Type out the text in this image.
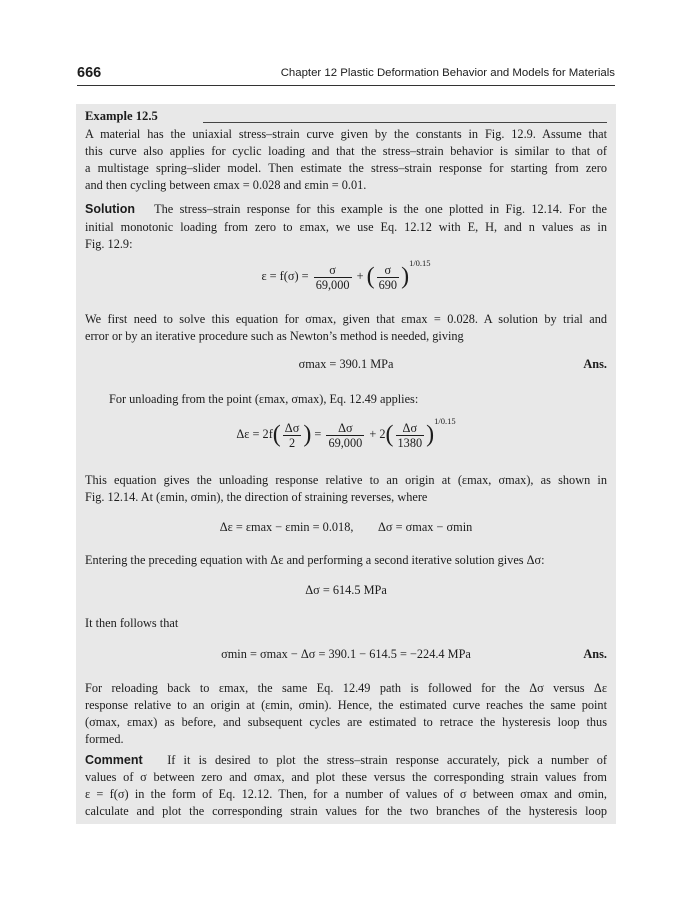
666	Chapter 12 Plastic Deformation Behavior and Models for Materials
Example 12.5
A material has the uniaxial stress–strain curve given by the constants in Fig. 12.9. Assume that
this curve also applies for cyclic loading and that the stress–strain behavior is similar to that of
a multistage spring–slider model. Then estimate the stress–strain response for starting from zero
and then cycling between εmax = 0.028 and εmin = 0.01.
Solution The stress–strain response for this example is the one plotted in Fig. 12.14. For the
initial monotonic loading from zero to εmax, we use Eq. 12.12 with E, H, and n values as in
Fig. 12.9:
$\varepsilon = f(\sigma) = \frac{\sigma}{69,000}$ + ( $\frac{\sigma}{690} )^{1/0.15}$
We first need to solve this equation for σmax, given that εmax = 0.028. A solution by trial and
error or by an iterative procedure such as Newton’s method is needed, giving
σmax = 390.1 MPa	Ans.
For unloading from the point (εmax, σmax), Eq. 12.49 applies:
$\Delta\varepsilon = 2f( \frac{\Delta\sigma}{2}$ ) = $\frac{\Delta\sigma}{69,000} + 2( \frac{\Delta\sigma}{1380} )^{1/0.15}$
This equation gives the unloading response relative to an origin at (εmax, σmax), as shown in
Fig. 12.14. At (εmin, σmin), the direction of straining reverses, where
Δε = εmax − εmin = 0.018,        Δσ = σmax − σmin
Entering the preceding equation with Δε and performing a second iterative solution gives Δσ:
Δσ = 614.5 MPa
It then follows that
σmin = σmax − Δσ = 390.1 − 614.5 = −224.4 MPa	Ans.
For reloading back to εmax, the same Eq. 12.49 path is followed for the Δσ versus Δε
response relative to an origin at (εmin, σmin). Hence, the estimated curve reaches the same point
(σmax, εmax) as before, and subsequent cycles are estimated to retrace the hysteresis loop thus
formed.
Comment If it is desired to plot the stress–strain response accurately, pick a number of
values of σ between zero and σmax, and plot these versus the corresponding strain values from
ε = f(σ) in the form of Eq. 12.12. Then, for a number of values of σ between σmax and σmin,
calculate and plot the corresponding strain values for the two branches of the hysteresis loop
